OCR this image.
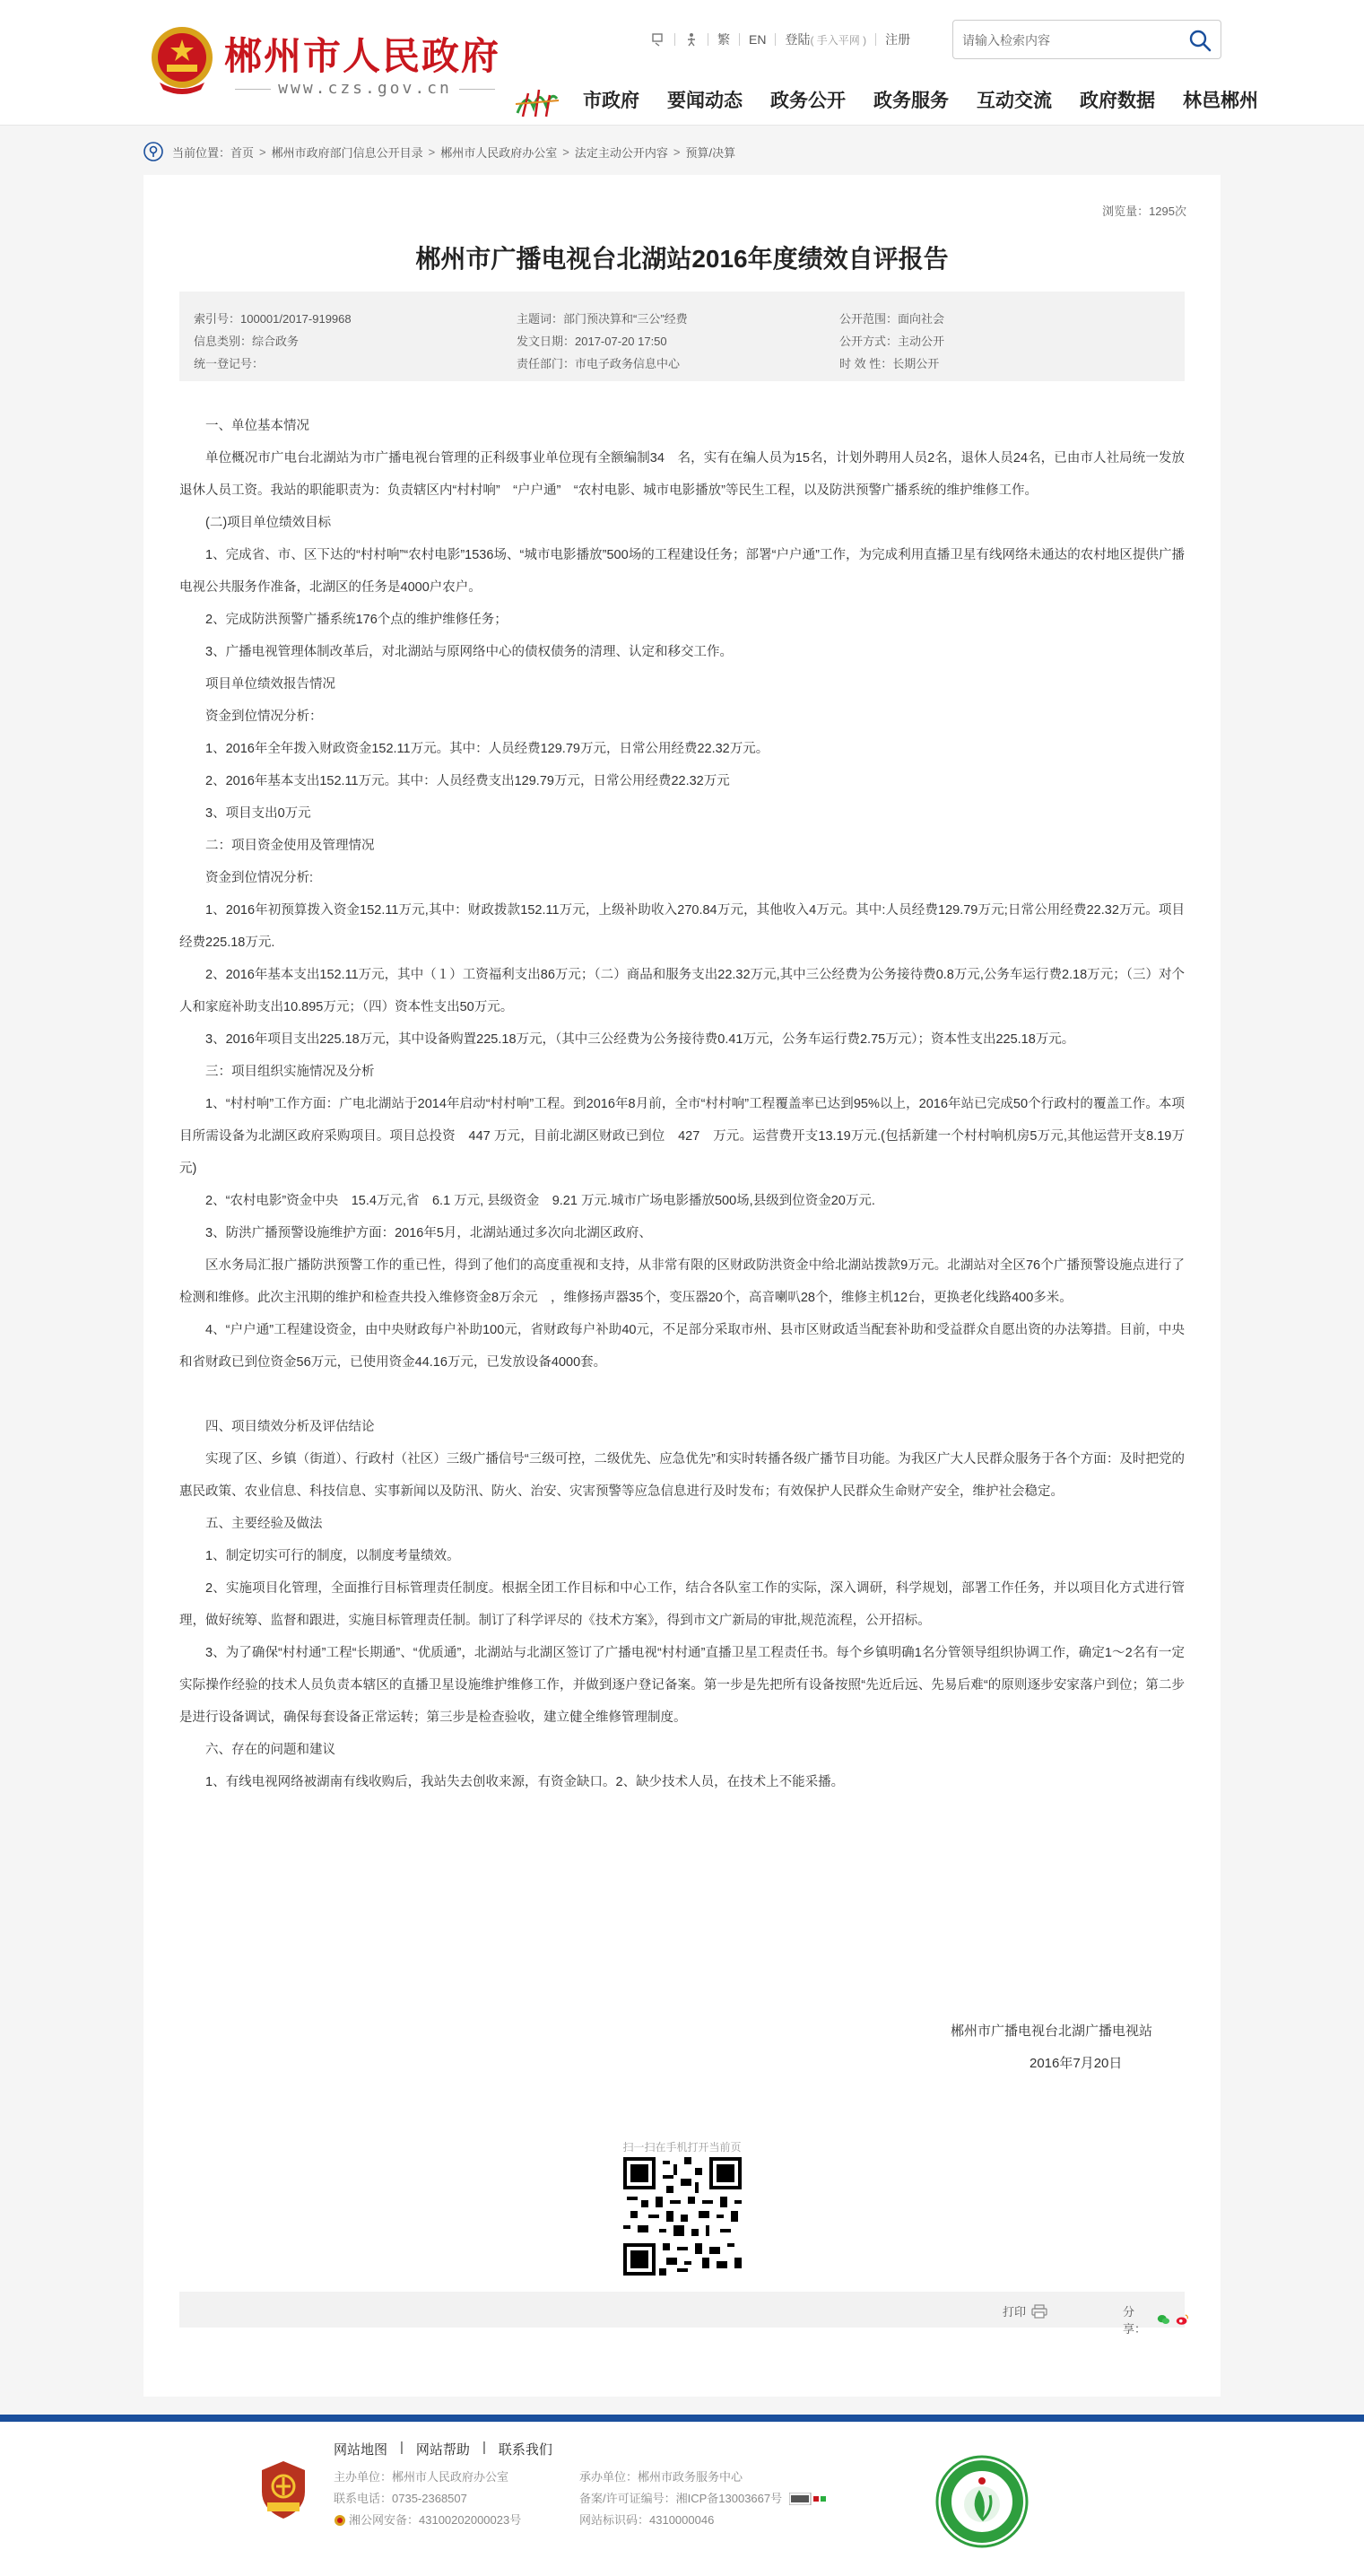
郴州市人民政府
www.czs.gov.cn
繁 EN 登陆 ( 手入平网 ) 注册
请输入检索内容
市政府 要闻动态 政务公开 政务服务 互动交流 政府数据 林邑郴州
当前位置： 首页 > 郴州市政府部门信息公开目录 > 郴州市人民政府办公室 > 法定主动公开内容 > 预算/决算
浏览量：1295次
郴州市广播电视台北湖站2016年度绩效自评报告
索引号：100001/2017-919968	主题词：部门预决算和“三公”经费	公开范围：面向社会
信息类别：综合政务	发文日期：2017-07-20 17:50	公开方式：主动公开
统一登记号：	责任部门：市电子政务信息中心	时 效 性：长期公开

一、单位基本情况

单位概况市广电台北湖站为市广播电视台管理的正科级事业单位现有全额编制34　名，实有在编人员为15名，计划外聘用人员2名，退休人员24名，已由市人社局统一发放退休人员工资。我站的职能职责为：负责辖区内“村村响”　“户户通”　“农村电影、城市电影播放”等民生工程，以及防洪预警广播系统的维护维修工作。

(二)项目单位绩效目标

1、完成省、市、区下达的“村村响”“农村电影”1536场、“城市电影播放”500场的工程建设任务；部署“户户通”工作，为完成利用直播卫星有线网络未通达的农村地区提供广播电视公共服务作准备，北湖区的任务是4000户农户。

2、完成防洪预警广播系统176个点的维护维修任务；

3、广播电视管理体制改革后，对北湖站与原网络中心的债权债务的清理、认定和移交工作。

项目单位绩效报告情况

资金到位情况分析：

1、2016年全年拨入财政资金152.11万元。其中：人员经费129.79万元，日常公用经费22.32万元。

2、2016年基本支出152.11万元。其中：人员经费支出129.79万元，日常公用经费22.32万元

3、项目支出0万元

二：项目资金使用及管理情况

资金到位情况分析:

1、2016年初预算拨入资金152.11万元,其中：财政拨款152.11万元，上级补助收入270.84万元，其他收入4万元。其中:人员经费129.79万元;日常公用经费22.32万元。项目经费225.18万元.

2、2016年基本支出152.11万元，其中（１）工资福利支出86万元；（二）商品和服务支出22.32万元,其中三公经费为公务接待费0.8万元,公务车运行费2.18万元；（三）对个人和家庭补助支出10.895万元；（四）资本性支出50万元。

3、2016年项目支出225.18万元，其中设备购置225.18万元，（其中三公经费为公务接待费0.41万元，公务车运行费2.75万元）；资本性支出225.18万元。

三：项目组织实施情况及分析

1、“村村响”工作方面：广电北湖站于2014年启动“村村响”工程。到2016年8月前，全市“村村响”工程覆盖率已达到95%以上，2016年站已完成50个行政村的覆盖工作。本项目所需设备为北湖区政府采购项目。项目总投资　447 万元，目前北湖区财政已到位　427　万元。运营费开支13.19万元.(包括新建一个村村响机房5万元,其他运营开支8.19万元)

2、“农村电影”资金中央　15.4万元,省　6.1 万元, 县级资金　9.21 万元.城市广场电影播放500场,县级到位资金20万元.

3、防洪广播预警设施维护方面：2016年5月，北湖站通过多次向北湖区政府、

区水务局汇报广播防洪预警工作的重已性，得到了他们的高度重视和支持，从非常有限的区财政防洪资金中给北湖站拨款9万元。北湖站对全区76个广播预警设施点进行了检测和维修。此次主汛期的维护和检查共投入维修资金8万余元　，维修扬声器35个，变压器20个，高音喇叭28个，维修主机12台，更换老化线路400多米。

4、“户户通”工程建设资金，由中央财政每户补助100元，省财政每户补助40元，不足部分采取市州、县市区财政适当配套补助和受益群众自愿出资的办法筹措。目前，中央和省财政已到位资金56万元，已使用资金44.16万元，已发放设备4000套。

四、项目绩效分析及评估结论

实现了区、乡镇（街道）、行政村（社区）三级广播信号“三级可控，二级优先、应急优先”和实时转播各级广播节目功能。为我区广大人民群众服务于各个方面：及时把党的惠民政策、农业信息、科技信息、实事新闻以及防汛、防火、治安、灾害预警等应急信息进行及时发布；有效保护人民群众生命财产安全，维护社会稳定。

五、主要经验及做法

1、制定切实可行的制度，以制度考量绩效。

2、实施项目化管理，全面推行目标管理责任制度。根据全团工作目标和中心工作，结合各队室工作的实际，深入调研，科学规划，部署工作任务，并以项目化方式进行管理，做好统筹、监督和跟进，实施目标管理责任制。制订了科学评尽的《技术方案》，得到市文广新局的审批,规范流程，公开招标。

3、为了确保“村村通”工程“长期通”、“优质通”，北湖站与北湖区签订了广播电视“村村通”直播卫星工程责任书。每个乡镇明确1名分管领导组织协调工作，确定1～2名有一定实际操作经验的技术人员负责本辖区的直播卫星设施维护维修工作，并做到逐户登记备案。第一步是先把所有设备按照“先近后远、先易后难“的原则逐步安家落户到位；第二步是进行设备调试，确保每套设备正常运转；第三步是检查验收，建立健全维修管理制度。

六、存在的问题和建议

1、有线电视网络被湖南有线收购后，我站失去创收来源，有资金缺口。2、缺少技术人员，在技术上不能采播。

郴州市广播电视台北湖广播电视站
2016年7月20日
扫一扫在手机打开当前页
打印	分享：
网站地图 | 网站帮助 | 联系我们
主办单位：郴州市人民政府办公室
联系电话：0735-2368507
湘公网安备：43100202000023号
承办单位：郴州市政务服务中心
备案/许可证编号：湘ICP备13003667号
网站标识码：4310000046
